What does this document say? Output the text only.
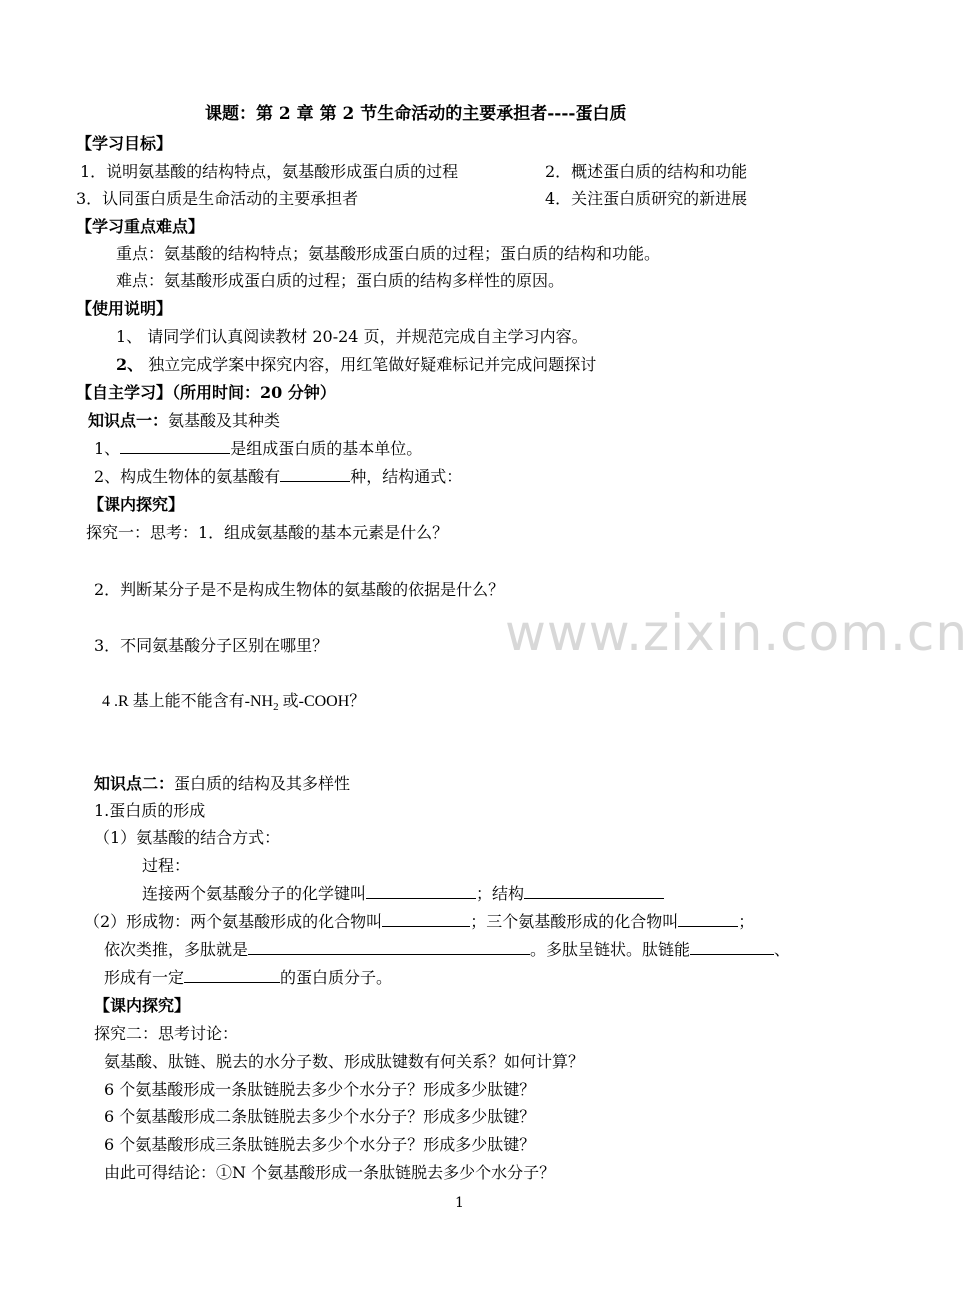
课题：第 2 章 第 2 节生命活动的主要承担者----蛋白质
【学习目标】
1．说明氨基酸的结构特点，氨基酸形成蛋白质的过程	2．概述蛋白质的结构和功能
3．认同蛋白质是生命活动的主要承担者	4．关注蛋白质研究的新进展
【学习重点难点】
重点：氨基酸的结构特点；氨基酸形成蛋白质的过程；蛋白质的结构和功能。
难点：氨基酸形成蛋白质的过程；蛋白质的结构多样性的原因。
【使用说明】
1、 请同学们认真阅读教材 20-24 页，并规范完成自主学习内容。
2、 独立完成学案中探究内容，用红笔做好疑难标记并完成问题探讨
【自主学习】（所用时间：20 分钟）
知识点一：氨基酸及其种类
1、	是组成蛋白质的基本单位。
2、构成生物体的氨基酸有	种，结构通式：
【课内探究】
探究一：思考：1．组成氨基酸的基本元素是什么？
2．判断某分子是不是构成生物体的氨基酸的依据是什么？
3．不同氨基酸分子区别在哪里？
4 .R 基上能不能含有$-NH_2$ 或-COOH？
知识点二：蛋白质的结构及其多样性
1.蛋白质的形成
（1）氨基酸的结合方式：
过程：
连接两个氨基酸分子的化学键叫	；结构
（2）形成物：两个氨基酸形成的化合物叫	；三个氨基酸形成的化合物叫	；
依次类推，多肽就是	。多肽呈链状。肽链能	、
形成有一定	的蛋白质分子。
【课内探究】
探究二：思考讨论：
氨基酸、肽链、脱去的水分子数、形成肽键数有何关系？如何计算？
6 个氨基酸形成一条肽链脱去多少个水分子？形成多少肽键？
6 个氨基酸形成二条肽链脱去多少个水分子？形成多少肽键？
6 个氨基酸形成三条肽链脱去多少个水分子？形成多少肽键？
由此可得结论：①N 个氨基酸形成一条肽链脱去多少个水分子？
www.zixin.com.cn
1
